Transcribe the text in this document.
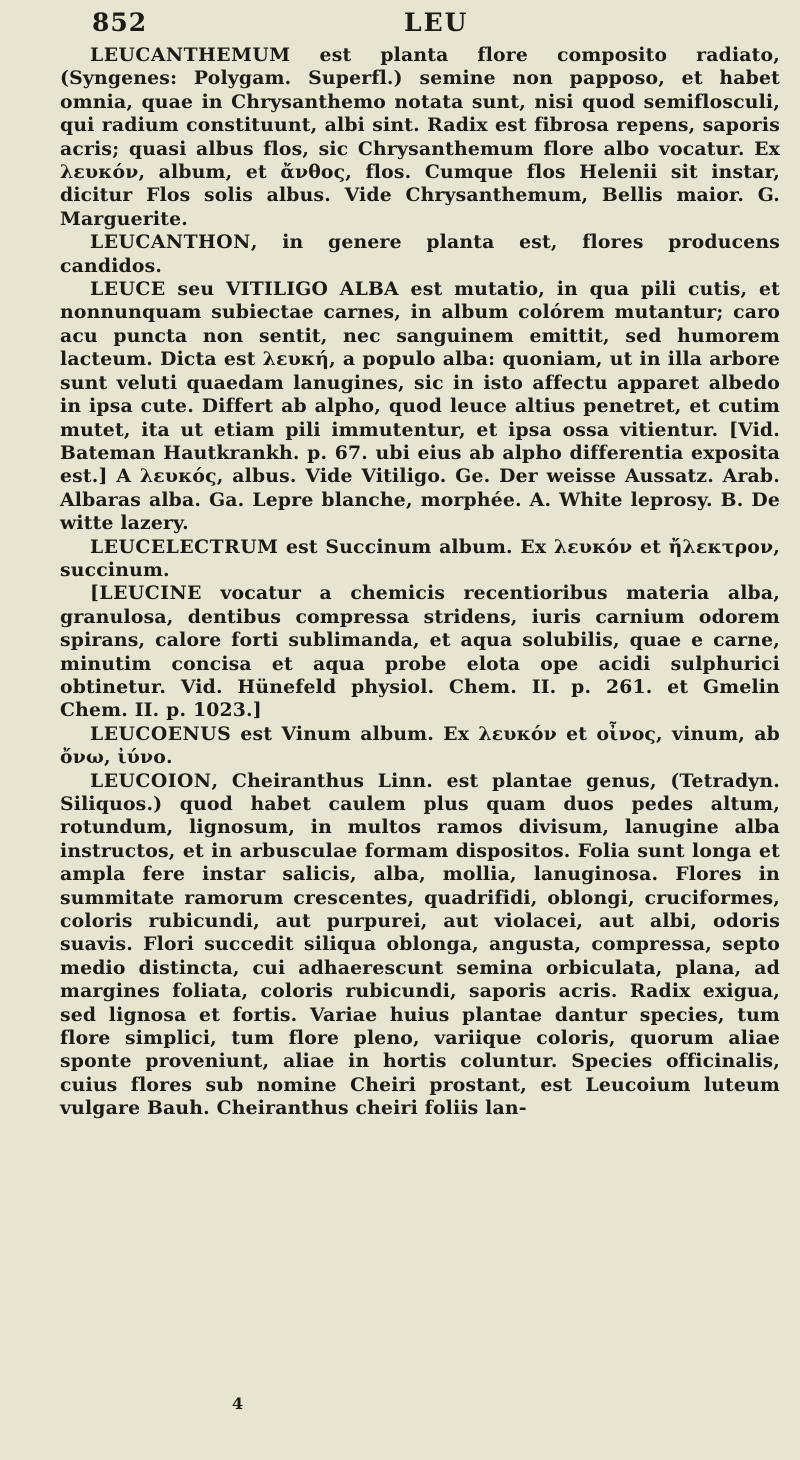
852	LEU

LEUCANTHEMUM est planta flore composito radiato, (Syngenes: Polygam. Superfl.) semine non papposo, et habet omnia, quae in Chrysanthemo notata sunt, nisi quod semiflosculi, qui radium constituunt, albi sint. Radix est fibrosa repens, saporis acris; quasi albus flos, sic Chrysanthemum flore albo vocatur. Ex λευκόν, album, et ἄνθος, flos. Cumque flos Helenii sit instar, dicitur Flos solis albus. Vide Chrysanthemum, Bellis maior. G. Marguerite.

LEUCANTHON, in genere planta est, flores producens candidos.

LEUCE seu VITILIGO ALBA est mutatio, in qua pili cutis, et nonnunquam subiectae carnes, in album colórem mutantur; caro acu puncta non sentit, nec sanguinem emittit, sed humorem lacteum. Dicta est λευκή, a populo alba: quoniam, ut in illa arbore sunt veluti quaedam lanugines, sic in isto affectu apparet albedo in ipsa cute. Differt ab alpho, quod leuce altius penetret, et cutim mutet, ita ut etiam pili immutentur, et ipsa ossa vitientur. [Vid. Bateman Hautkrankh. p. 67. ubi eius ab alpho differentia exposita est.] A λευκός, albus. Vide Vitiligo. Ge. Der weisse Aussatz. Arab. Albaras alba. Ga. Lepre blanche, morphée. A. White leprosy. B. De witte lazery.

LEUCELECTRUM est Succinum album. Ex λευκόν et ἤλεκτρον, succinum.

[LEUCINE vocatur a chemicis recentioribus materia alba, granulosa, dentibus compressa stridens, iuris carnium odorem spirans, calore forti sublimanda, et aqua solubilis, quae e carne, minutim concisa et aqua probe elota ope acidi sulphurici obtinetur. Vid. Hünefeld physiol. Chem. II. p. 261. et Gmelin Chem. II. p. 1023.]

LEUCOENUS est Vinum album. Ex λευκόν et οἶνος, vinum, ab ὄνω, ἰύνο.

LEUCOION, Cheiranthus Linn. est plantae genus, (Tetradyn. Siliquos.) quod habet caulem plus quam duos pedes altum, rotundum, lignosum, in multos ramos divisum, lanugine alba instructos, et in arbusculae formam dispositos. Folia sunt longa et ampla fere instar salicis, alba, mollia, lanuginosa. Flores in summitate ramorum crescentes, quadrifidi, oblongi, cruciformes, coloris rubicundi, aut purpurei, aut violacei, aut albi, odoris suavis. Flori succedit siliqua oblonga, angusta, compressa, septo medio distincta, cui adhaerescunt semina orbiculata, plana, ad margines foliata, coloris rubicundi, saporis acris. Radix exigua, sed lignosa et fortis. Variae huius plantae dantur species, tum flore simplici, tum flore pleno, variique coloris, quorum aliae sponte proveniunt, aliae in hortis coluntur. Species officinalis, cuius flores sub nomine Cheiri prostant, est Leucoium luteum vulgare Bauh. Cheiranthus cheiri foliis lan-

4
